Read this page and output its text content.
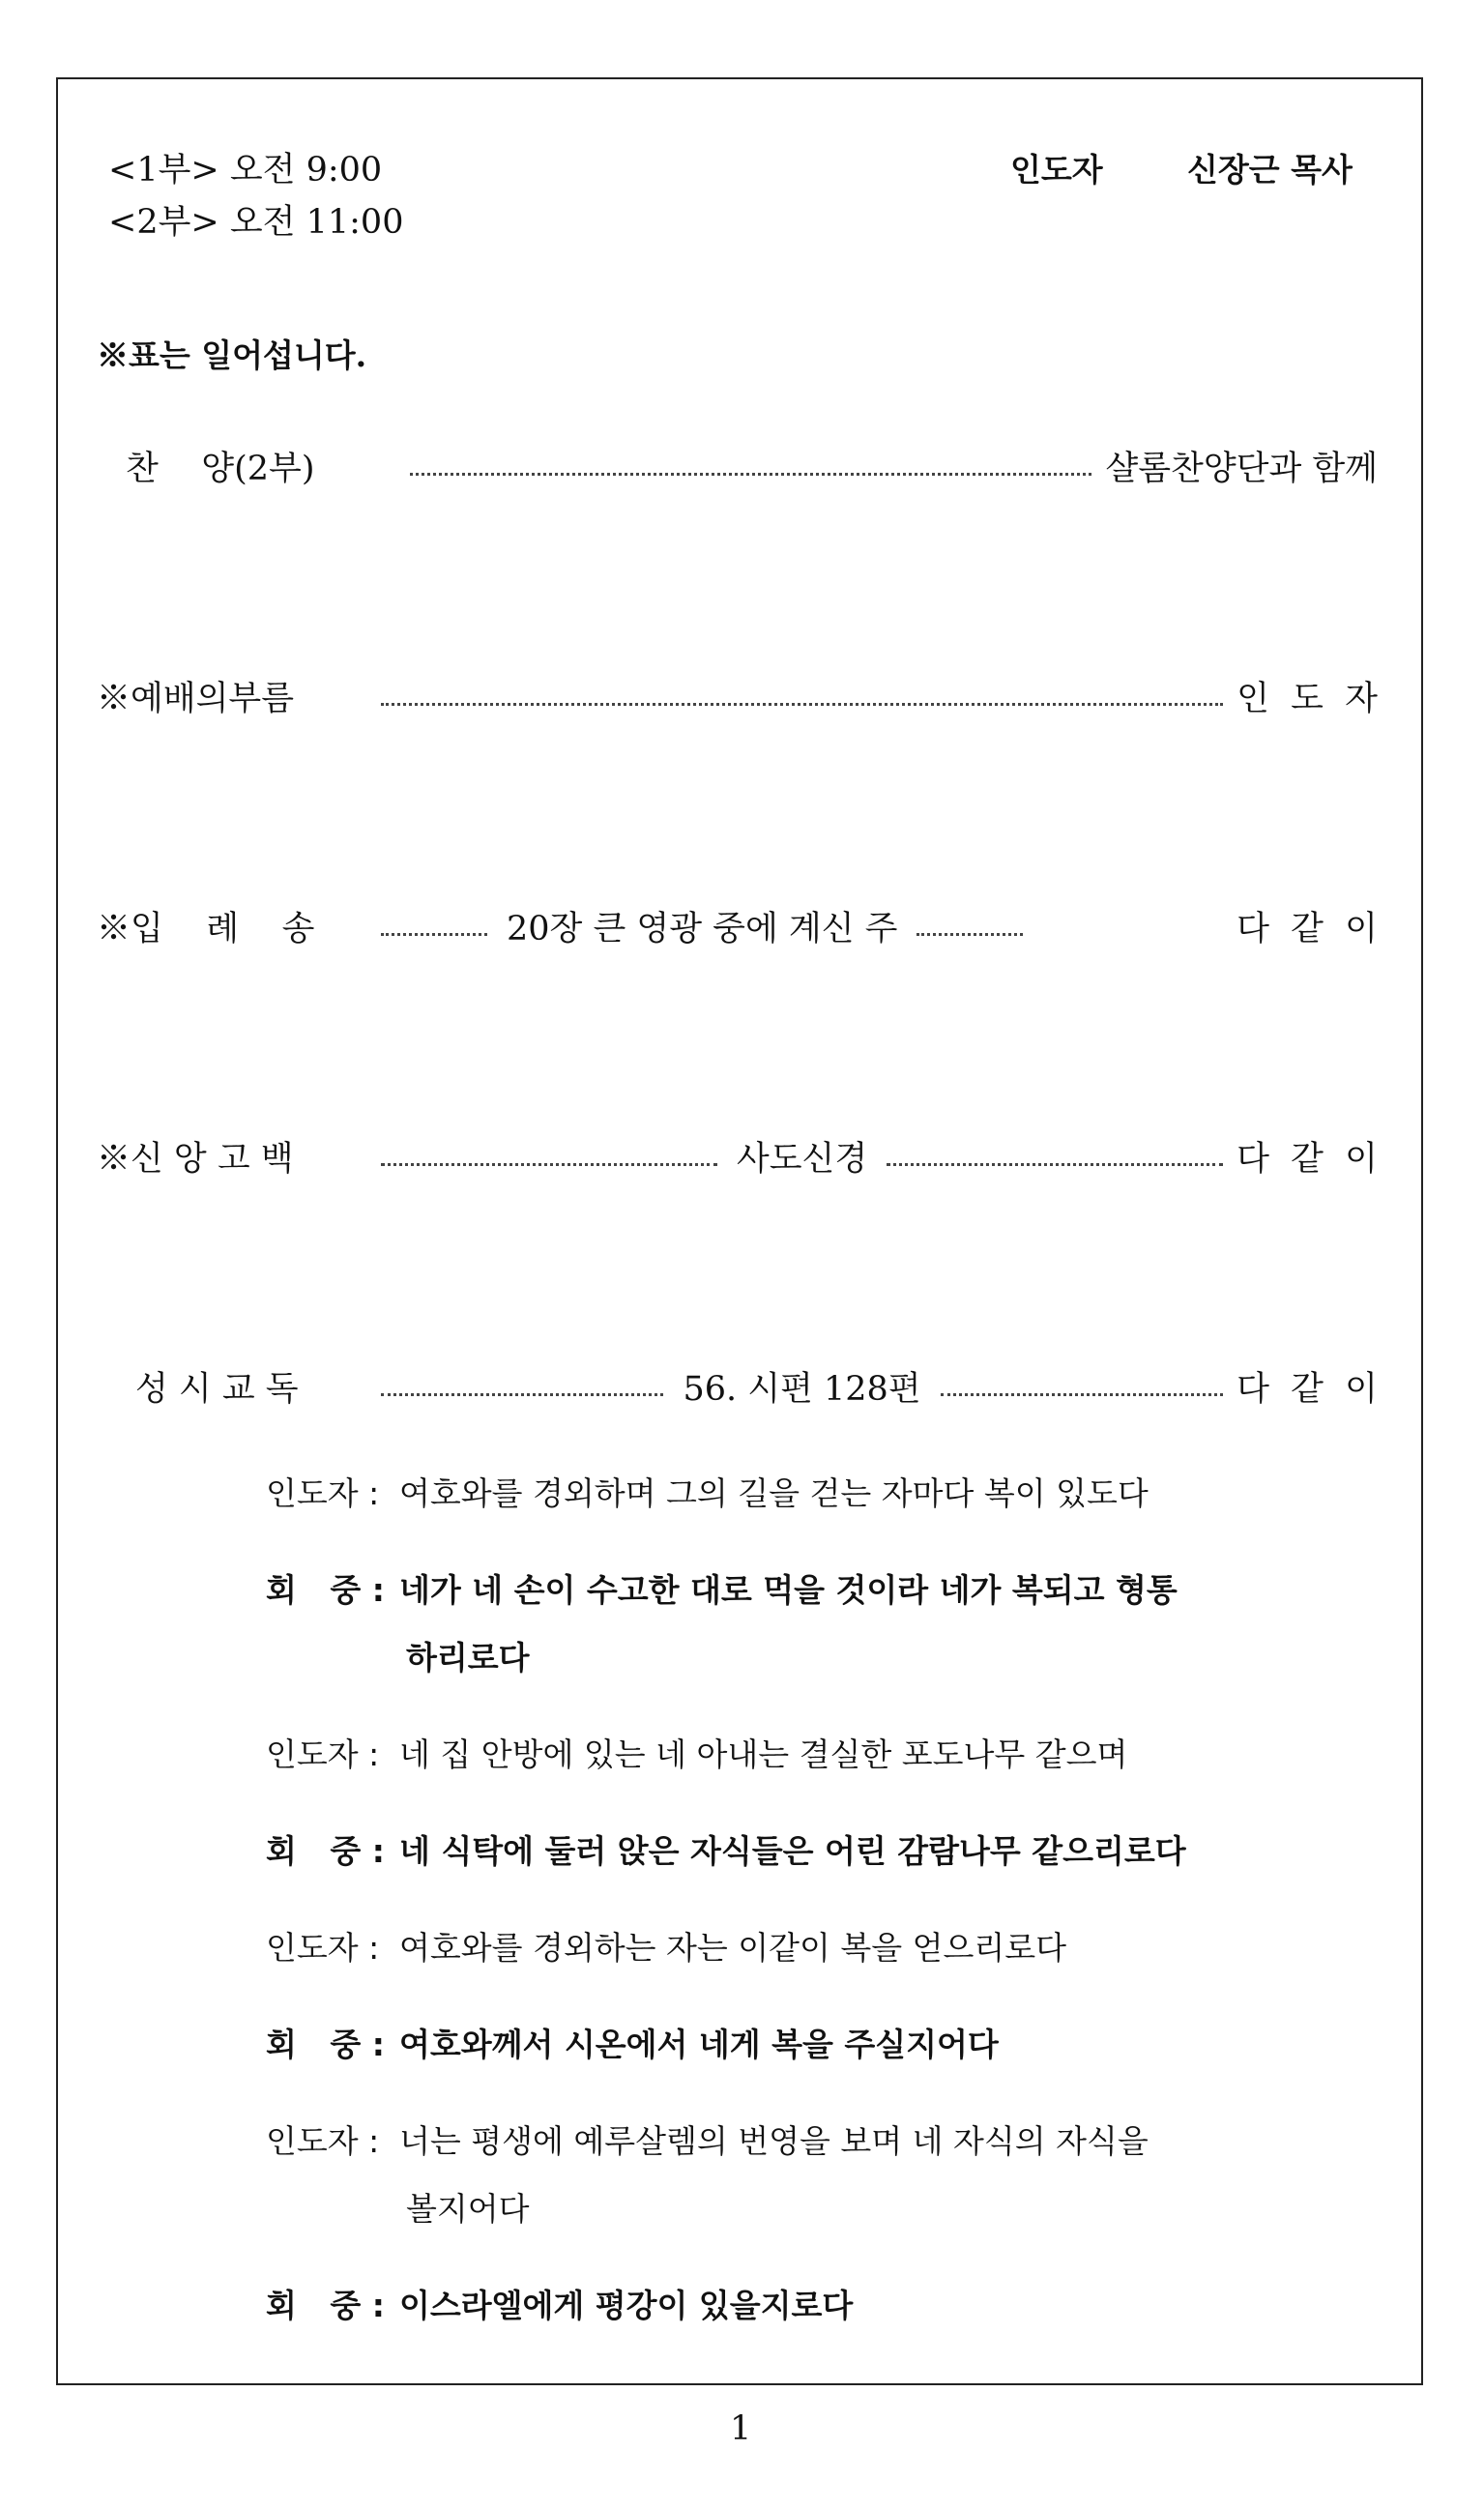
<1부> 오전 9:00
<2부> 오전 11:00
인도자	신장근 목사
※표는 일어섭니다.
찬    양(2부)	샬롬찬양단과 함께
※예배의부름	인  도  자
※입    례    송	20장 큰 영광 중에 계신 주	다  같  이
※신 앙 고 백	사도신경	다  같  이
성 시 교 독	56. 시편 128편	다  같  이
인도자 : 여호와를 경외하며 그의 길을 걷는 자마다 복이 있도다
회   중 : 네가 네 손이 수고한 대로 먹을 것이라 네가 복되고 형통
하리로다
인도자 : 네 집 안방에 있는 네 아내는 결실한 포도나무 같으며
회   중 : 네 식탁에 둘러 앉은 자식들은 어린 감람나무 같으리로다
인도자 : 여호와를 경외하는 자는 이같이 복을 얻으리로다
회   중 : 여호와께서 시온에서 네게 복을 주실지어다
인도자 : 너는 평생에 예루살렘의 번영을 보며 네 자식의 자식을
볼지어다
회   중 : 이스라엘에게 평강이 있을지로다
1
